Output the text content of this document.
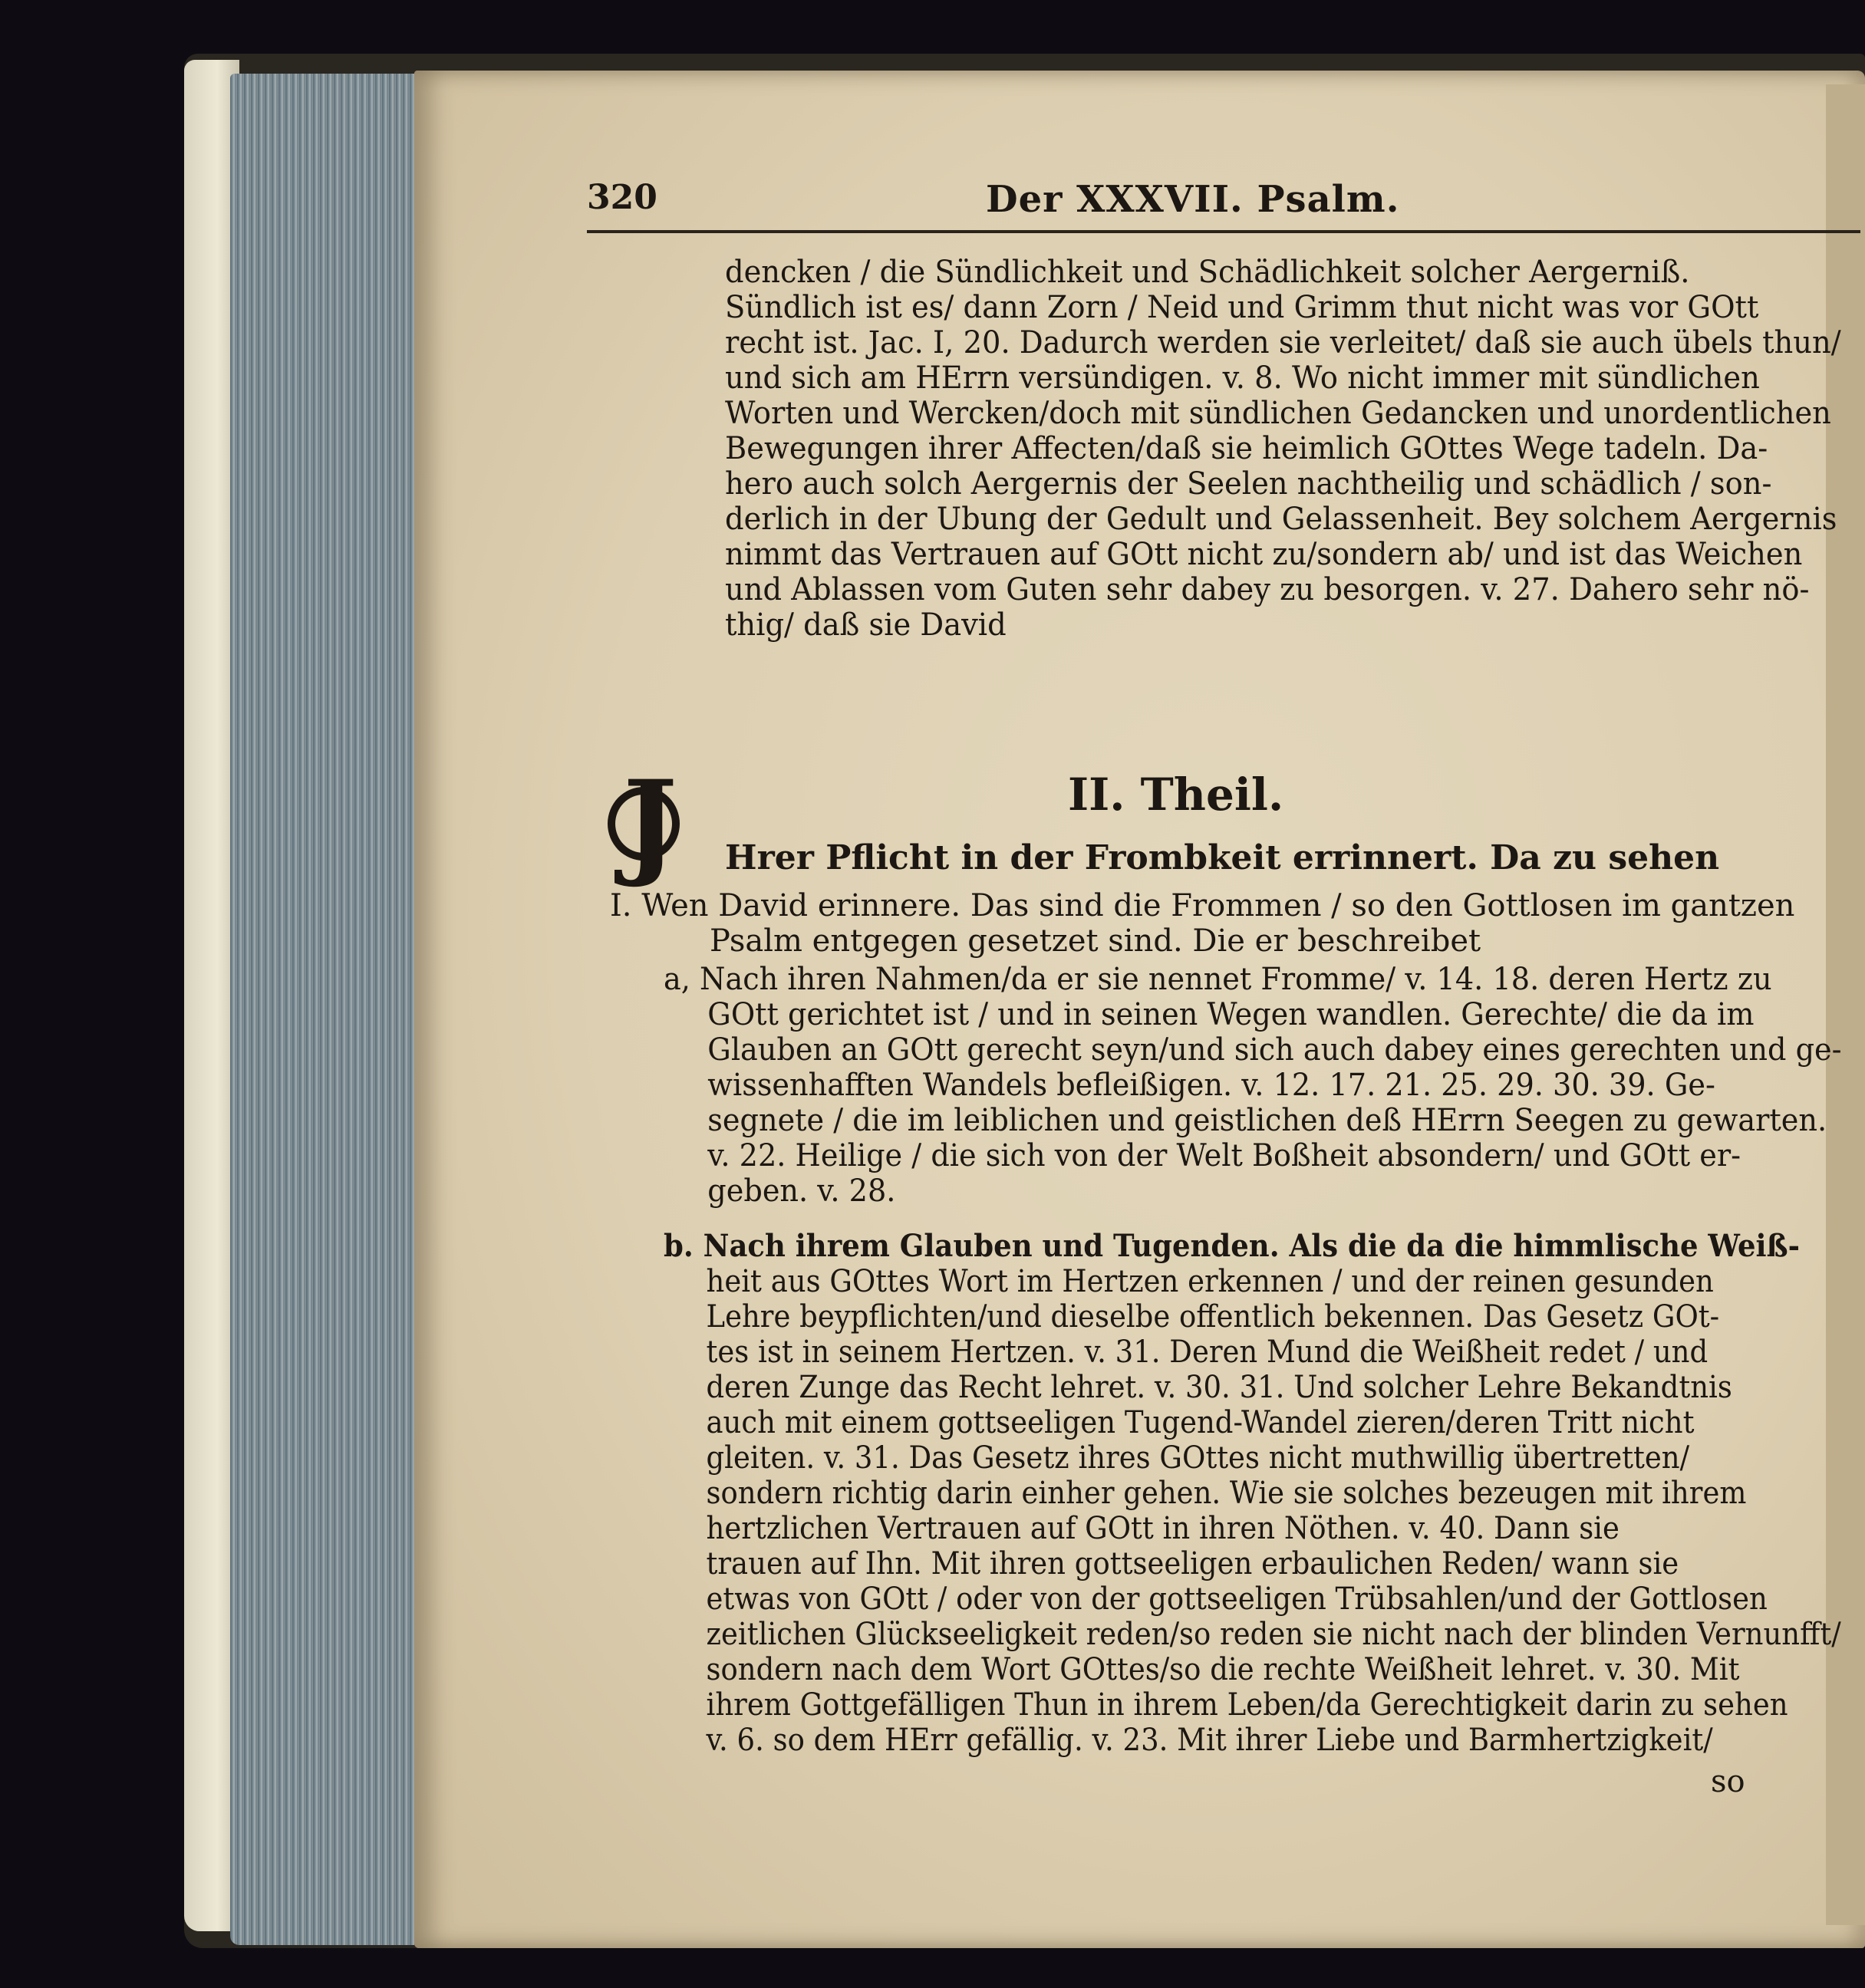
320	Der XXXVII. Psalm.
dencken / die Sündlichkeit und Schädlichkeit solcher Aergerniß.
Sündlich ist es/ dann Zorn / Neid und Grimm thut nicht was vor GOtt
recht ist. Jac. I, 20. Dadurch werden sie verleitet/ daß sie auch übels thun/
und sich am HErrn versündigen. v. 8. Wo nicht immer mit sündlichen
Worten und Wercken/doch mit sündlichen Gedancken und unordentlichen
Bewegungen ihrer Affecten/daß sie heimlich GOttes Wege tadeln. Da-
hero auch solch Aergernis der Seelen nachtheilig und schädlich / son-
derlich in der Ubung der Gedult und Gelassenheit. Bey solchem Aergernis
nimmt das Vertrauen auf GOtt nicht zu/sondern ab/ und ist das Weichen
und Ablassen vom Guten sehr dabey zu besorgen. v. 27. Dahero sehr nö-
thig/ daß sie David
J	II. Theil.
Hrer Pflicht in der Frombkeit errinnert. Da zu sehen
I. Wen David erinnere. Das sind die Frommen / so den Gottlosen im gantzen
Psalm entgegen gesetzet sind. Die er beschreibet
a, Nach ihren Nahmen/da er sie nennet Fromme/ v. 14. 18. deren Hertz zu
GOtt gerichtet ist / und in seinen Wegen wandlen. Gerechte/ die da im
Glauben an GOtt gerecht seyn/und sich auch dabey eines gerechten und ge-
wissenhafften Wandels befleißigen. v. 12. 17. 21. 25. 29. 30. 39. Ge-
segnete / die im leiblichen und geistlichen deß HErrn Seegen zu gewarten.
v. 22. Heilige / die sich von der Welt Boßheit absondern/ und GOtt er-
geben. v. 28.
b. Nach ihrem Glauben und Tugenden. Als die da die himmlische Weiß-
heit aus GOttes Wort im Hertzen erkennen / und der reinen gesunden
Lehre beypflichten/und dieselbe offentlich bekennen. Das Gesetz GOt-
tes ist in seinem Hertzen. v. 31. Deren Mund die Weißheit redet / und
deren Zunge das Recht lehret. v. 30. 31. Und solcher Lehre Bekandtnis
auch mit einem gottseeligen Tugend-Wandel zieren/deren Tritt nicht
gleiten. v. 31. Das Gesetz ihres GOttes nicht muthwillig übertretten/
sondern richtig darin einher gehen. Wie sie solches bezeugen mit ihrem
hertzlichen Vertrauen auf GOtt in ihren Nöthen. v. 40. Dann sie
trauen auf Ihn. Mit ihren gottseeligen erbaulichen Reden/ wann sie
etwas von GOtt / oder von der gottseeligen Trübsahlen/und der Gottlosen
zeitlichen Glückseeligkeit reden/so reden sie nicht nach der blinden Vernunfft/
sondern nach dem Wort GOttes/so die rechte Weißheit lehret. v. 30. Mit
ihrem Gottgefälligen Thun in ihrem Leben/da Gerechtigkeit darin zu sehen
v. 6. so dem HErr gefällig. v. 23. Mit ihrer Liebe und Barmhertzigkeit/
so
